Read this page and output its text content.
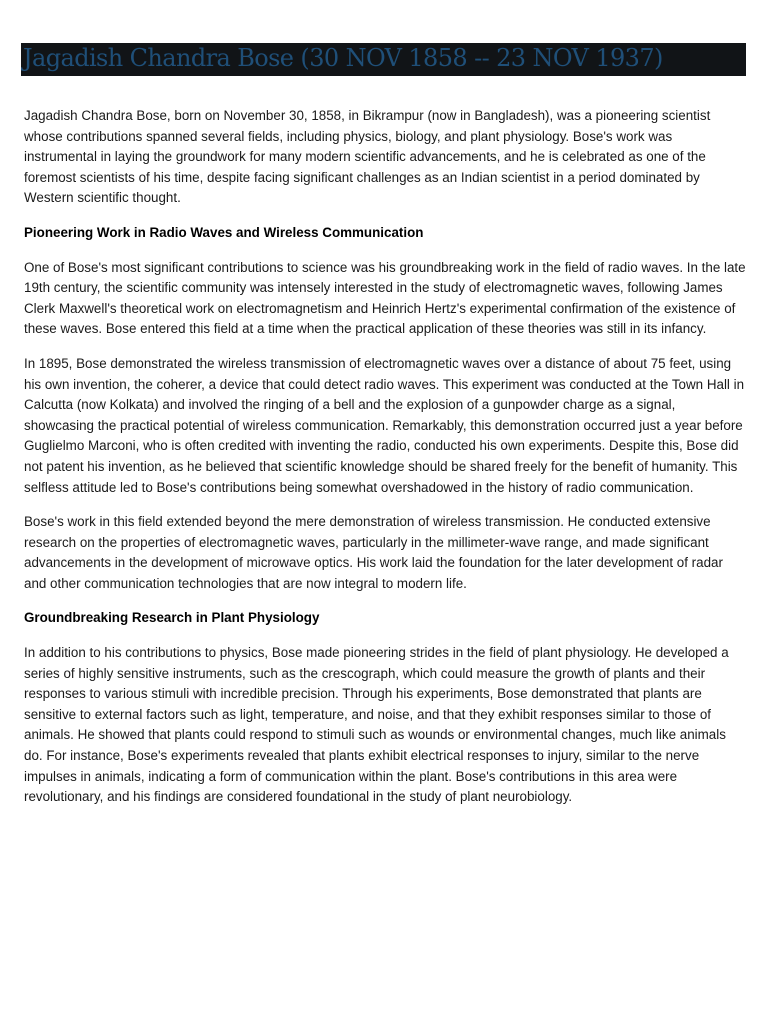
Jagadish Chandra Bose (30 NOV 1858 -- 23 NOV 1937)

Jagadish Chandra Bose, born on November 30, 1858, in Bikrampur (now in Bangladesh), was a pioneering scientist whose contributions spanned several fields, including physics, biology, and plant physiology. Bose's work was instrumental in laying the groundwork for many modern scientific advancements, and he is celebrated as one of the foremost scientists of his time, despite facing significant challenges as an Indian scientist in a period dominated by Western scientific thought.

Pioneering Work in Radio Waves and Wireless Communication

One of Bose's most significant contributions to science was his groundbreaking work in the field of radio waves. In the late 19th century, the scientific community was intensely interested in the study of electromagnetic waves, following James Clerk Maxwell's theoretical work on electromagnetism and Heinrich Hertz's experimental confirmation of the existence of these waves. Bose entered this field at a time when the practical application of these theories was still in its infancy.

In 1895, Bose demonstrated the wireless transmission of electromagnetic waves over a distance of about 75 feet, using his own invention, the coherer, a device that could detect radio waves. This experiment was conducted at the Town Hall in Calcutta (now Kolkata) and involved the ringing of a bell and the explosion of a gunpowder charge as a signal, showcasing the practical potential of wireless communication. Remarkably, this demonstration occurred just a year before Guglielmo Marconi, who is often credited with inventing the radio, conducted his own experiments. Despite this, Bose did not patent his invention, as he believed that scientific knowledge should be shared freely for the benefit of humanity. This selfless attitude led to Bose's contributions being somewhat overshadowed in the history of radio communication.

Bose's work in this field extended beyond the mere demonstration of wireless transmission. He conducted extensive research on the properties of electromagnetic waves, particularly in the millimeter-wave range, and made significant advancements in the development of microwave optics. His work laid the foundation for the later development of radar and other communication technologies that are now integral to modern life.

Groundbreaking Research in Plant Physiology

In addition to his contributions to physics, Bose made pioneering strides in the field of plant physiology. He developed a series of highly sensitive instruments, such as the crescograph, which could measure the growth of plants and their responses to various stimuli with incredible precision. Through his experiments, Bose demonstrated that plants are sensitive to external factors such as light, temperature, and noise, and that they exhibit responses similar to those of animals. He showed that plants could respond to stimuli such as wounds or environmental changes, much like animals do. For instance, Bose's experiments revealed that plants exhibit electrical responses to injury, similar to the nerve impulses in animals, indicating a form of communication within the plant. Bose's contributions in this area were revolutionary, and his findings are considered foundational in the study of plant neurobiology.
